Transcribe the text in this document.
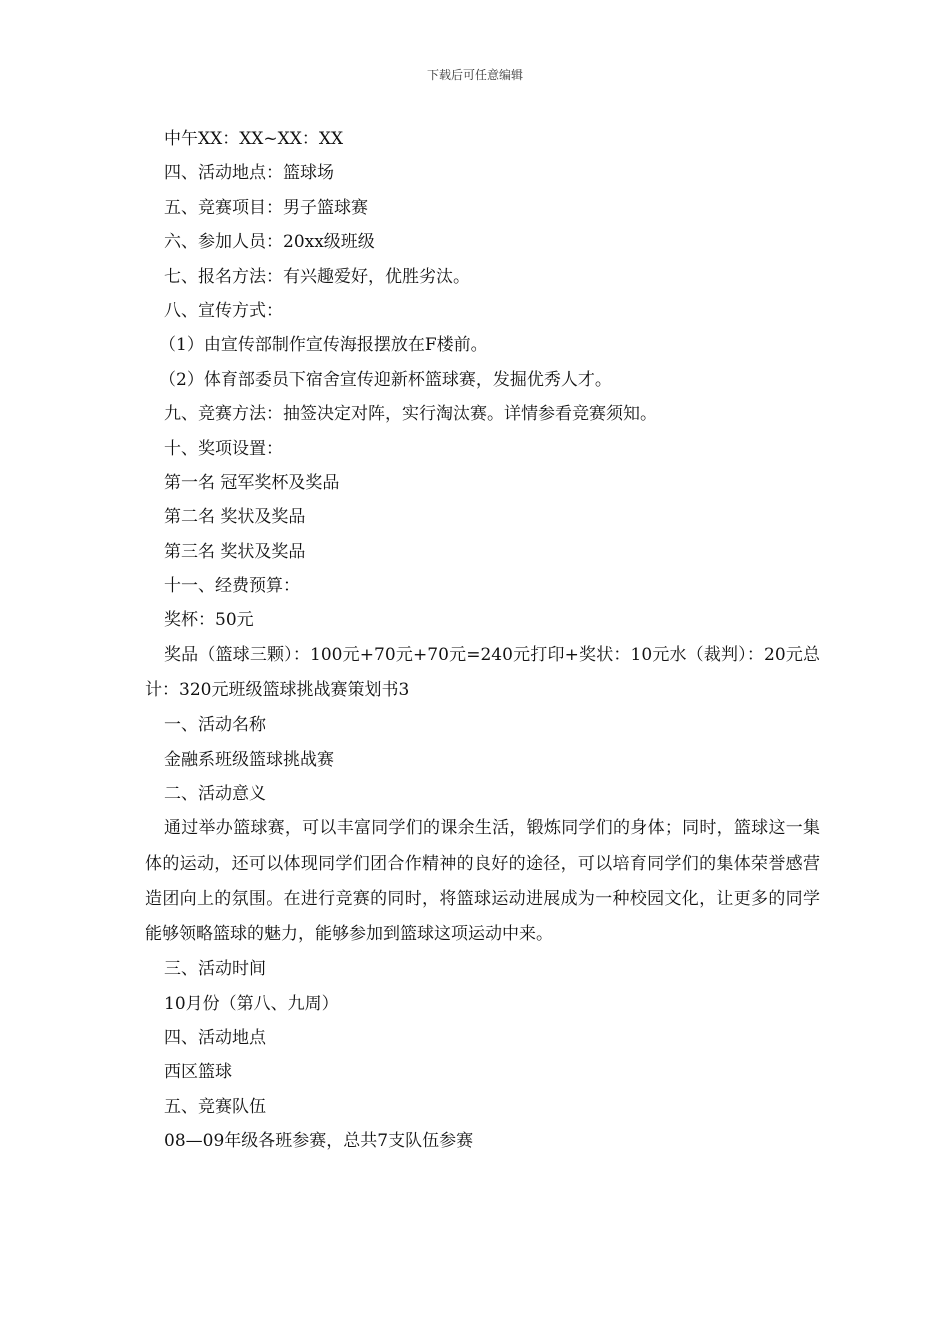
下载后可任意编辑
中午XX：XX~XX：XX
四、活动地点：篮球场
五、竞赛项目：男子篮球赛
六、参加人员：20xx级班级
七、报名方法：有兴趣爱好，优胜劣汰。
八、宣传方式：
（1）由宣传部制作宣传海报摆放在F楼前。
（2）体育部委员下宿舍宣传迎新杯篮球赛，发掘优秀人才。
九、竞赛方法：抽签决定对阵，实行淘汰赛。详情参看竞赛须知。
十、奖项设置：
第一名 冠军奖杯及奖品
第二名 奖状及奖品
第三名 奖状及奖品
十一、经费预算：
奖杯：50元
奖品（篮球三颗）：100元+70元+70元=240元打印+奖状：10元水（裁判）：20元总计：320元班级篮球挑战赛策划书3
一、活动名称
金融系班级篮球挑战赛
二、活动意义
通过举办篮球赛，可以丰富同学们的课余生活，锻炼同学们的身体；同时，篮球这一集体的运动，还可以体现同学们团合作精神的良好的途径，可以培育同学们的集体荣誉感营造团向上的氛围。在进行竞赛的同时，将篮球运动进展成为一种校园文化，让更多的同学能够领略篮球的魅力，能够参加到篮球这项运动中来。
三、活动时间
10月份（第八、九周）
四、活动地点
西区篮球
五、竞赛队伍
08—09年级各班参赛，总共7支队伍参赛
